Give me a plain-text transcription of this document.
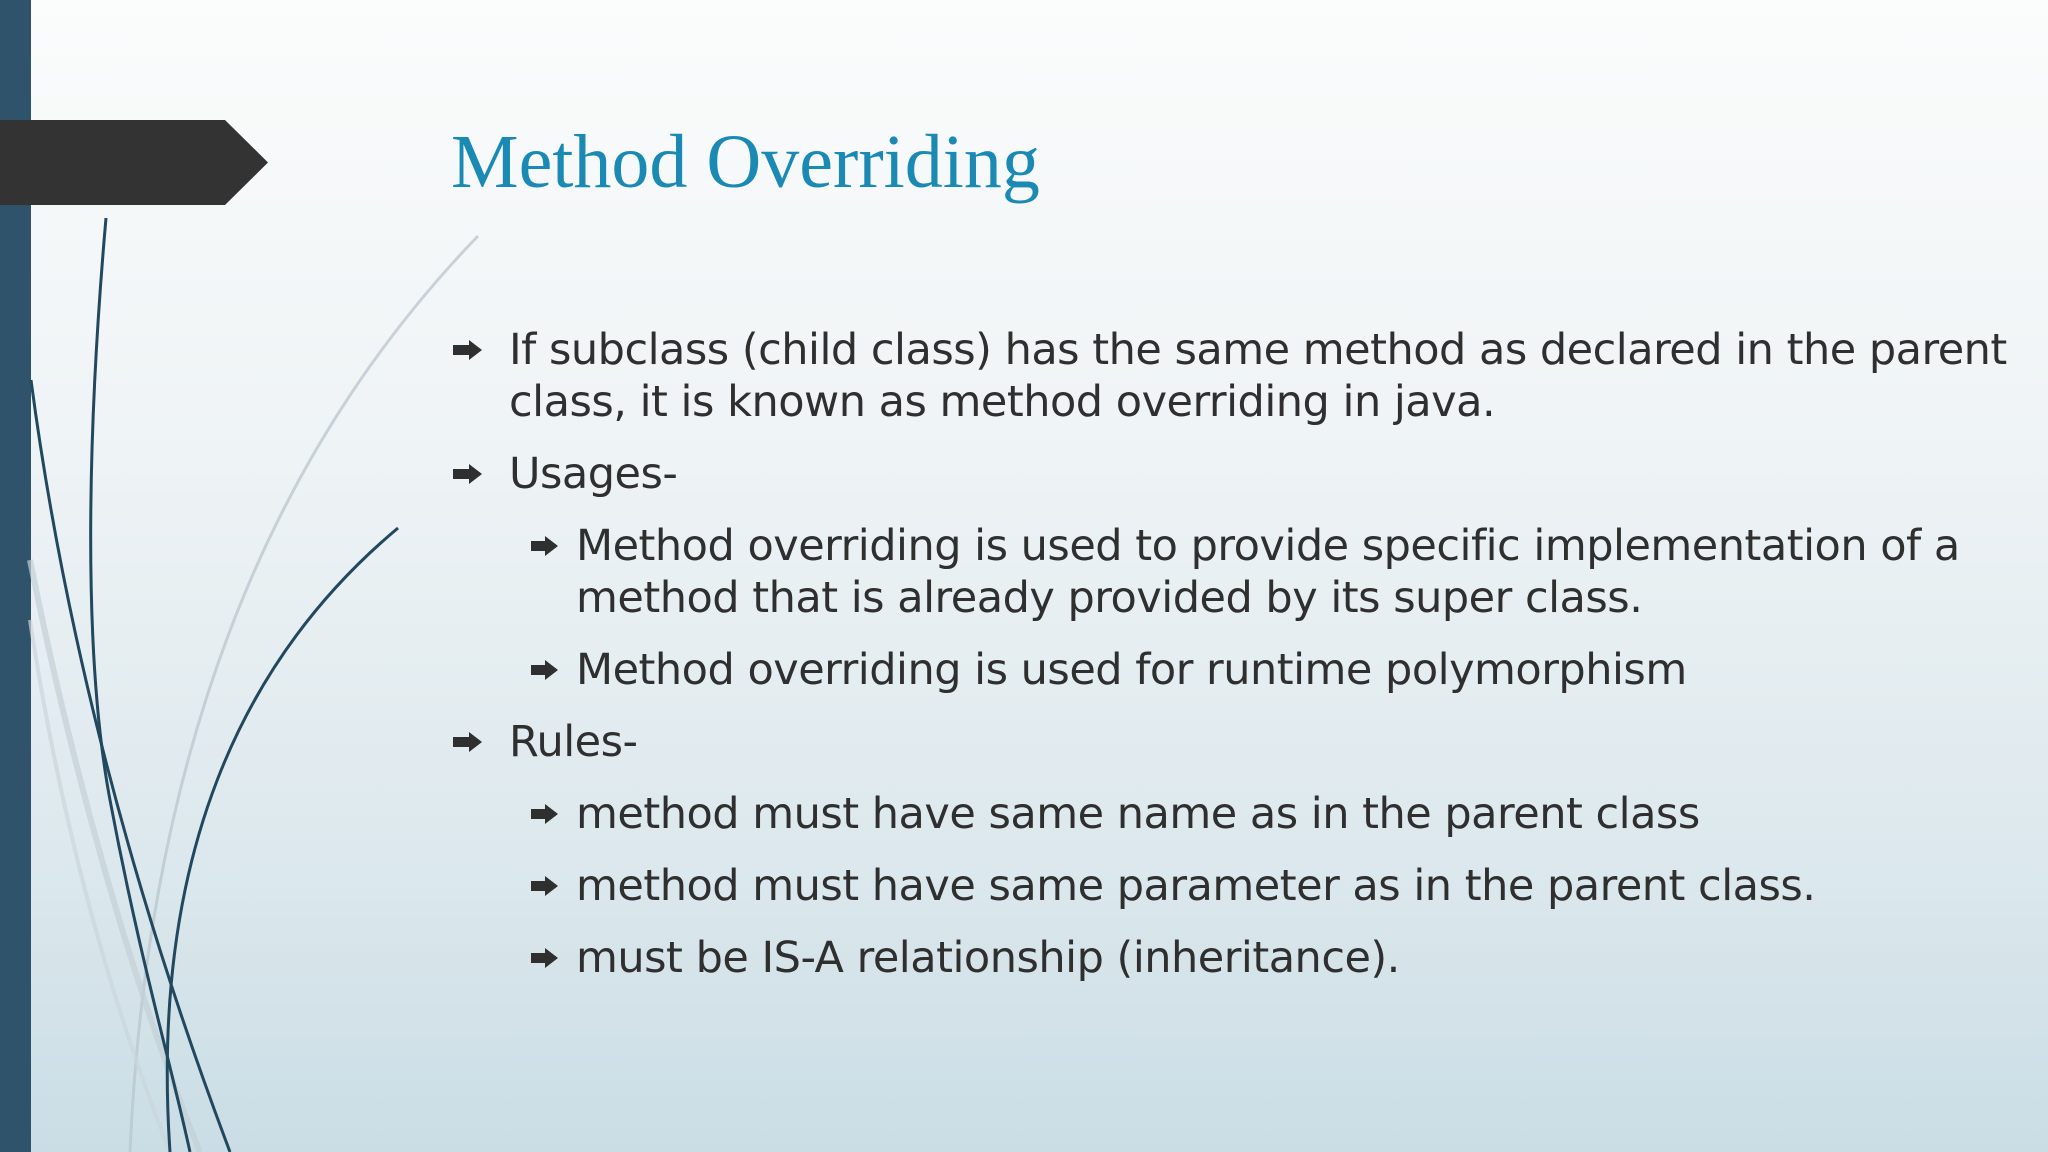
Method Overriding
If subclass (child class) has the same method as declared in the parent
class, it is known as method overriding in java.
Usages-
Method overriding is used to provide specific implementation of a
method that is already provided by its super class.
Method overriding is used for runtime polymorphism
Rules-
method must have same name as in the parent class
method must have same parameter as in the parent class.
must be IS-A relationship (inheritance).
